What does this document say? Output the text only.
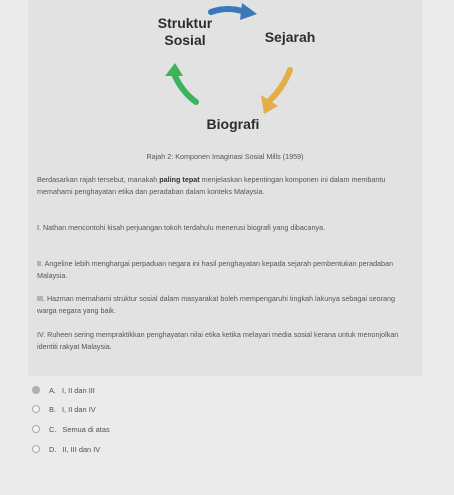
Struktur
Sosial	Sejarah
Biografi
Rajah 2: Komponen Imaginasi Sosial Mills (1959)
Berdasarkan rajah tersebut, manakah paling tepat menjelaskan kepentingan komponen ini dalam membantu memahami penghayatan etika dan peradaban dalam konteks Malaysia.
I. Nathan mencontohi kisah perjuangan tokoh terdahulu menerusi biografi yang dibacanya.
II. Angeline lebih menghargai perpaduan negara ini hasil penghayatan kepada sejarah pembentukan peradaban Malaysia.
III. Hazman memahami struktur sosial dalam masyarakat boleh mempengaruhi tingkah lakunya sebagai seorang warga negara yang baik.
IV. Ruheen sering mempraktikkan penghayatan nilai etika ketika melayari media sosial kerana untuk menonjolkan identiti rakyat Malaysia.
A. I, II dan III
B. I, II dan IV
C. Semua di atas
D. II, III dan IV
